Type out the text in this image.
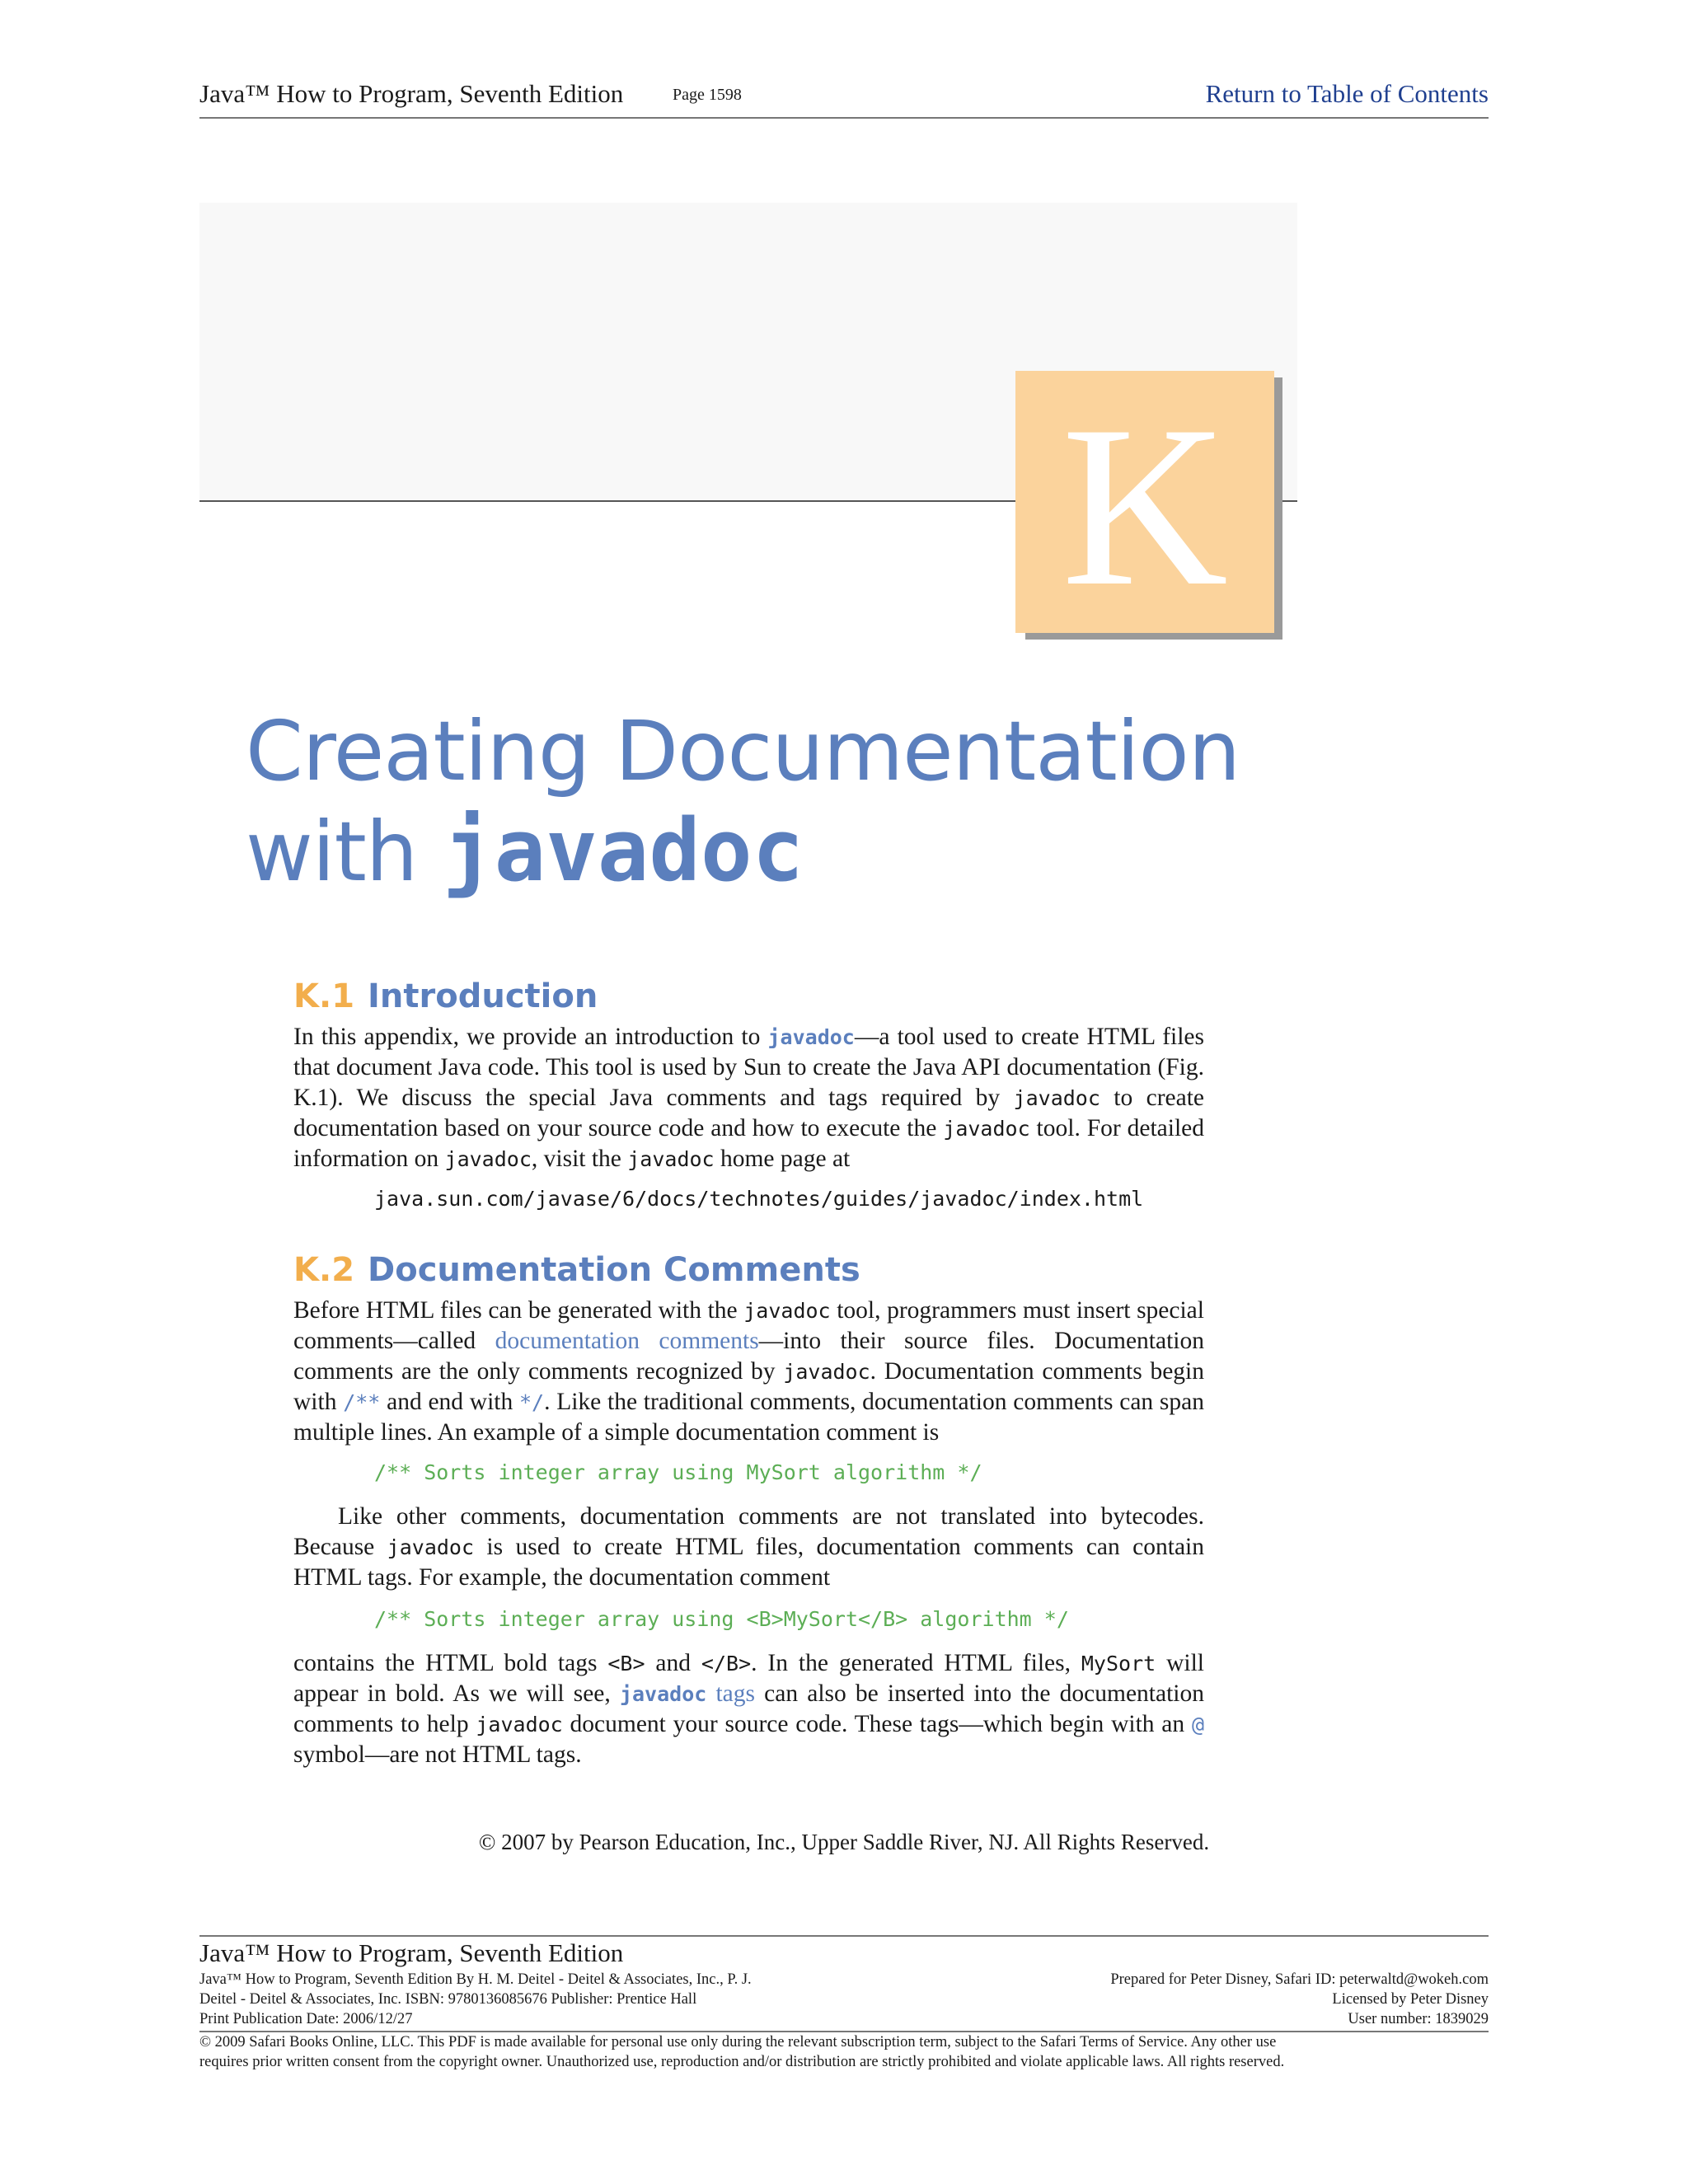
Java™ How to Program, Seventh Edition	Page 1598	Return to Table of Contents
K
Creating Documentation
with javadoc
K.1 Introduction
In this appendix, we provide an introduction to javadoc—a tool used to create HTML files that document Java code. This tool is used by Sun to create the Java API documentation (Fig. K.1). We discuss the special Java comments and tags required by javadoc to create documentation based on your source code and how to execute the javadoc tool. For detailed information on javadoc, visit the javadoc home page at
java.sun.com/javase/6/docs/technotes/guides/javadoc/index.html
K.2 Documentation Comments
Before HTML files can be generated with the javadoc tool, programmers must insert special comments—called documentation comments—into their source files. Documentation comments are the only comments recognized by javadoc. Documentation comments begin with /** and end with */. Like the traditional comments, documentation comments can span multiple lines. An example of a simple documentation comment is
/** Sorts integer array using MySort algorithm */
Like other comments, documentation comments are not translated into bytecodes. Because javadoc is used to create HTML files, documentation comments can contain HTML tags. For example, the documentation comment
/** Sorts integer array using <B>MySort</B> algorithm */
contains the HTML bold tags <B> and </B>. In the generated HTML files, MySort will appear in bold. As we will see, javadoc tags can also be inserted into the documentation comments to help javadoc document your source code. These tags—which begin with an @ symbol—are not HTML tags.
© 2007 by Pearson Education, Inc., Upper Saddle River, NJ. All Rights Reserved.
Java™ How to Program, Seventh Edition
Java™ How to Program, Seventh Edition By H. M. Deitel - Deitel & Associates, Inc., P. J.	Prepared for Peter Disney, Safari ID: peterwaltd@wokeh.com
Deitel - Deitel & Associates, Inc. ISBN: 9780136085676 Publisher: Prentice Hall	Licensed by Peter Disney
Print Publication Date: 2006/12/27	User number: 1839029
© 2009 Safari Books Online, LLC. This PDF is made available for personal use only during the relevant subscription term, subject to the Safari Terms of Service. Any other use
requires prior written consent from the copyright owner. Unauthorized use, reproduction and/or distribution are strictly prohibited and violate applicable laws. All rights reserved.
